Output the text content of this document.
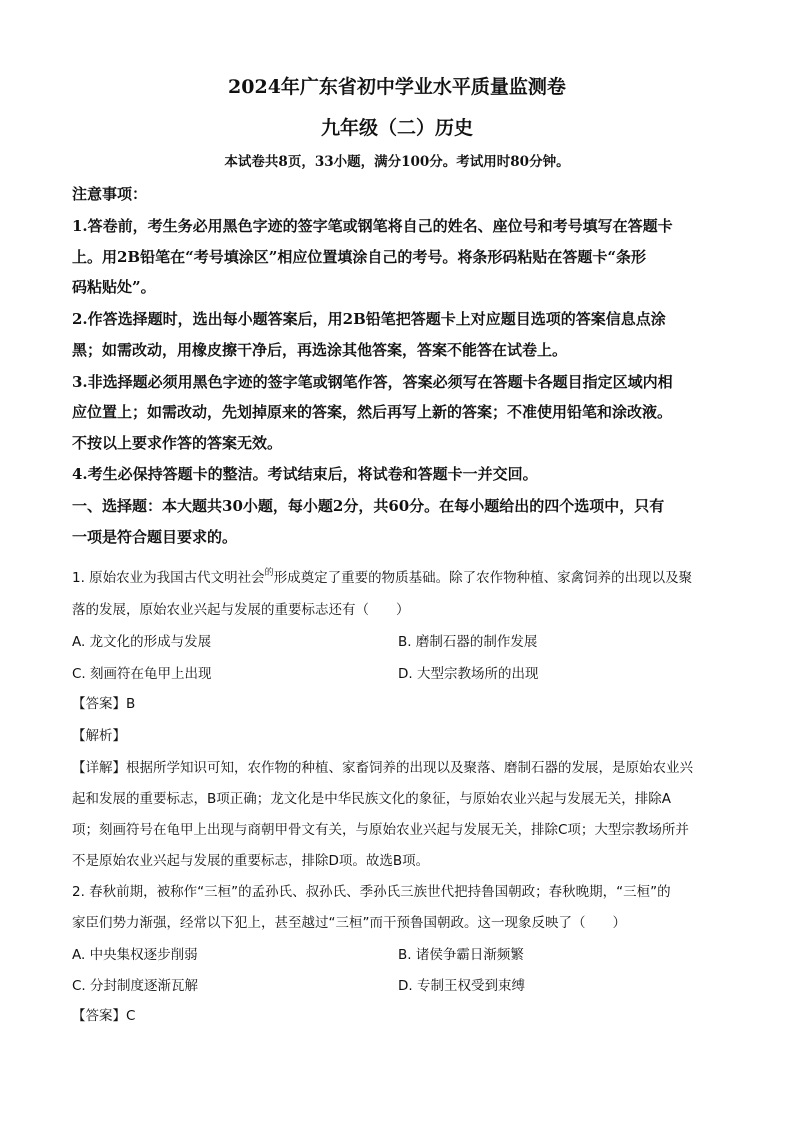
2024年广东省初中学业水平质量监测卷
九年级（二）历史
本试卷共8页，33小题，满分100分。考试用时80分钟。
注意事项：
1.答卷前，考生务必用黑色字迹的签字笔或钢笔将自己的姓名、座位号和考号填写在答题卡
上。用2B铅笔在“考号填涂区”相应位置填涂自己的考号。将条形码粘贴在答题卡“条形
码粘贴处”。
2.作答选择题时，选出每小题答案后，用2B铅笔把答题卡上对应题目选项的答案信息点涂
黑；如需改动，用橡皮擦干净后，再选涂其他答案，答案不能答在试卷上。
3.非选择题必须用黑色字迹的签字笔或钢笔作答，答案必须写在答题卡各题目指定区域内相
应位置上；如需改动，先划掉原来的答案，然后再写上新的答案；不准使用铅笔和涂改液。
不按以上要求作答的答案无效。
4.考生必保持答题卡的整洁。考试结束后，将试卷和答题卡一并交回。
一、选择题：本大题共30小题，每小题2分，共60分。在每小题给出的四个选项中，只有
一项是符合题目要求的。
1. 原始农业为我国古代文明社会$^的$形成奠定了重要的物质基础。除了农作物种植、家禽饲养的出现以及聚
落的发展，原始农业兴起与发展的重要标志还有（　　）
A. 龙文化的形成与发展	B. 磨制石器的制作发展
C. 刻画符在龟甲上出现	D. 大型宗教场所的出现
【答案】B
【解析】
【详解】根据所学知识可知，农作物的种植、家畜饲养的出现以及聚落、磨制石器的发展，是原始农业兴
起和发展的重要标志，B项正确；龙文化是中华民族文化的象征，与原始农业兴起与发展无关，排除A
项；刻画符号在龟甲上出现与商朝甲骨文有关，与原始农业兴起与发展无关，排除C项；大型宗教场所并
不是原始农业兴起与发展的重要标志，排除D项。故选B项。
2. 春秋前期，被称作“三桓”的孟孙氏、叔孙氏、季孙氏三族世代把持鲁国朝政；春秋晚期，“三桓”的
家臣们势力渐强，经常以下犯上，甚至越过“三桓”而干预鲁国朝政。这一现象反映了（　　）
A. 中央集权逐步削弱	B. 诸侯争霸日渐频繁
C. 分封制度逐渐瓦解	D. 专制王权受到束缚
【答案】C
